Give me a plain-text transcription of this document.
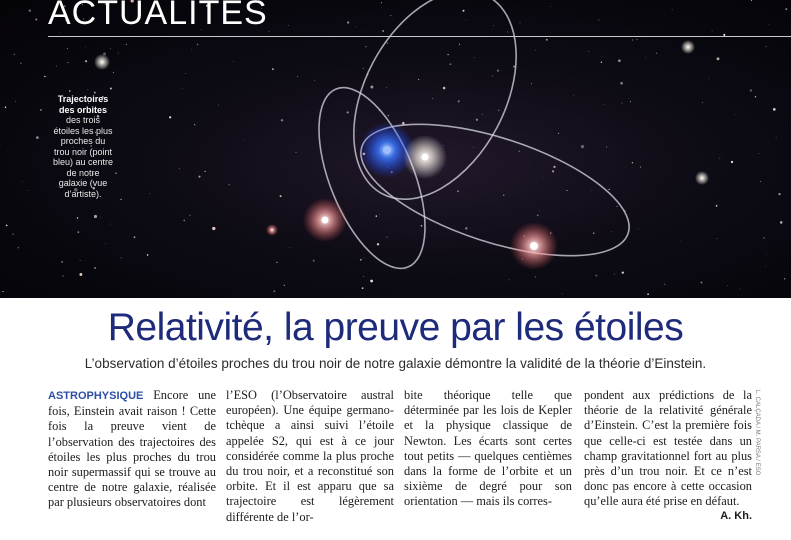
ACTUALITES
Trajectoires des orbites
des trois étoiles les plus proches du trou noir (point bleu) au centre de notre galaxie (vue d’artiste).
Relativité, la preuve par les étoiles

L’observation d’étoiles proches du trou noir de notre galaxie démontre la validité de la théorie d’Einstein.

ASTROPHYSIQUE Encore une fois, Einstein avait raison ! Cette fois la preuve vient de l’observation des trajectoires des étoiles les plus proches du trou noir supermassif qui se trouve au centre de notre galaxie, réalisée par plusieurs observatoires dont
l’ESO (l’Observatoire austral européen). Une équipe germano-tchèque a ainsi suivi l’étoile appelée S2, qui est à ce jour considérée comme la plus proche du trou noir, et a reconstitué son orbite. Et il est apparu que sa trajectoire est légèrement différente de l’or-
bite théorique telle que déterminée par les lois de Kepler et la physique classique de Newton. Les écarts sont certes tout petits — quelques centièmes dans la forme de l’orbite et un sixième de degré pour son orientation — mais ils corres-
pondent aux prédictions de la théorie de la relativité générale d’Einstein. C’est la première fois que celle-ci est testée dans un champ gravitationnel fort au plus près d’un trou noir. Et ce n’est donc pas encore à cette occasion qu’elle aura été prise en défaut.
A. Kh.
L. CALÇADA / M. PARSA / ESO
